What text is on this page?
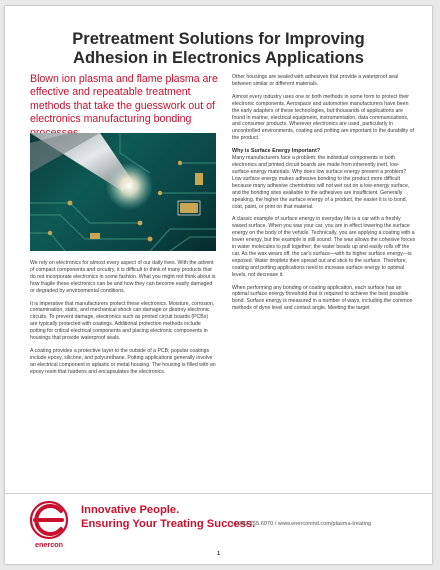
Pretreatment Solutions for Improving
Adhesion in Electronics Applications

Blown ion plasma and flame plasma are effective and repeatable treatment methods that take the guesswork out of electronics manufacturing bonding

We rely on electronics for almost every aspect of our daily lives. With the advent of compact components and circuitry, it is difficult to think of many products that do not incorporate electronics in some fashion. What you might not think about is how fragile these electronics can be and how they can become easily damaged or degraded by environmental conditions.

It is imperative that manufacturers protect these electronics. Moisture, corrosion, contamination, static, and mechanical shock can damage or destroy electronic circuits. To prevent damage, electronics such as printed circuit boards (PCBs) are typically protected with coatings. Additional protection methods include potting for critical electrical components and placing electronic components in housings that provide waterproof seals.

A coating provides a protective layer to the outside of a PCB; popular coatings include epoxy, silicone, and polyurethane. Potting applications generally involve an electrical component in aplastic or metal housing. The housing is filled with an epoxy resin that hardens and encapsulates the electronics.

Other housings are sealed with adhesives that provide a waterproof seal between similar or different materials.

Almost every industry uses one or both methods in some form to protect their electronic components. Aerospace and automotive manufacturers have been the early adapters of these technologies, but thousands of applications are found in marine, electrical equipment, instrumentation, data communications, and consumer products. Wherever electronics are used, particularly in uncontrolled environments, coating and potting are important to the durability of the product.

Why is Surface Energy Important?

Many manufacturers face a problem: the individual components in both electronics and printed circuit boards are made from inherently inert, low-surface-energy materials. Why does low surface energy present a problem? Low surface energy makes adhesive bonding to the product more difficult because many adhesive chemistries will not wet out on a low-energy surface, and the bonding sites available to the adhesives are insufficient. Generally speaking, the higher the surface energy of a product, the easier it is to bond, coat, paint, or print on that material.

A classic example of surface energy in everyday life is a car with a freshly waxed surface. When you wax your car, you are in effect lowering the surface energy on the body of the vehicle. Technically, you are applying a coating with a lower energy, but the example is still sound. The wax allows the cohesive forces in water molecules to pull together; the water beads up and easily rolls off the car. As the wax wears off, the car's surface—with its higher surface energy—is exposed. Water droplets then spread out and stick to the surface. Therefore, coating and potting applications need to increase surface energy to optimal levels, not decrease it.

When performing any bonding or coating application, each surface has an optimal surface energy threshold that is required to achieve the best possible bond. Surface energy is measured in a number of ways, including the common methods of dyne level and contact angle. Meeting the target

enercon
Innovative People.
Ensuring Your Treating Success.
+1.262.255.6070 / www.enerconind.com/plasma-treating
1
